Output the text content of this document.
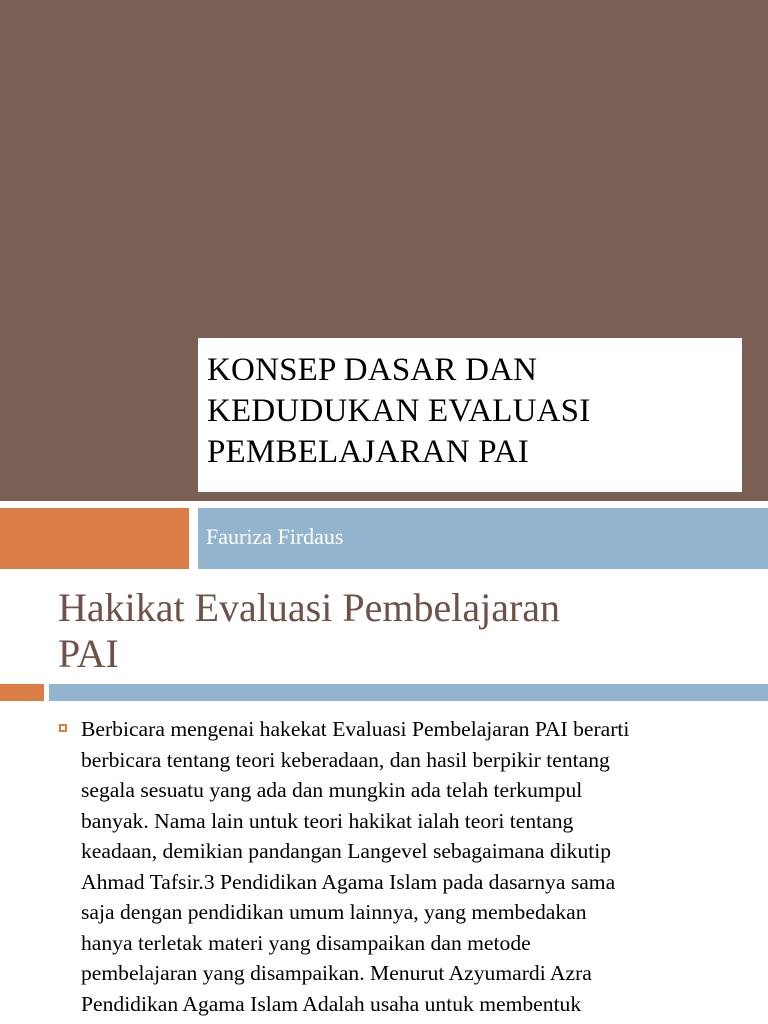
KONSEP DASAR DAN
KEDUDUKAN EVALUASI
PEMBELAJARAN PAI
Fauriza Firdaus
Hakikat Evaluasi Pembelajaran
PAI
Berbicara mengenai hakekat Evaluasi Pembelajaran PAI berarti
berbicara tentang teori keberadaan, dan hasil berpikir tentang
segala sesuatu yang ada dan mungkin ada telah terkumpul
banyak. Nama lain untuk teori hakikat ialah teori tentang
keadaan, demikian pandangan Langevel sebagaimana dikutip
Ahmad Tafsir.3 Pendidikan Agama Islam pada dasarnya sama
saja dengan pendidikan umum lainnya, yang membedakan
hanya terletak materi yang disampaikan dan metode
pembelajaran yang disampaikan. Menurut Azyumardi Azra
Pendidikan Agama Islam Adalah usaha untuk membentuk
